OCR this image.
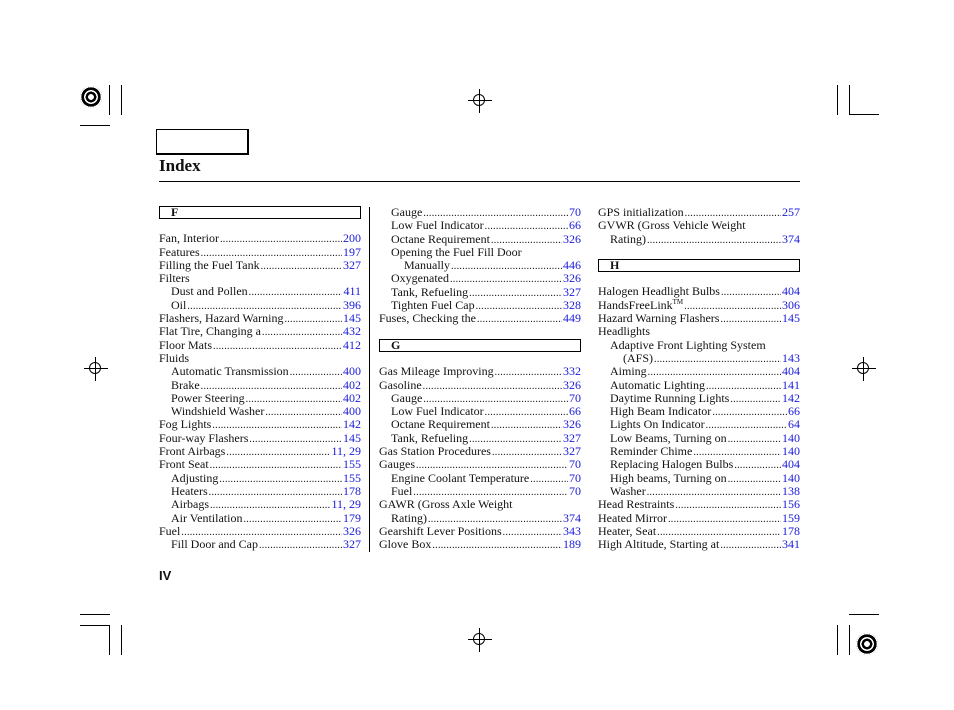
Index
F
Fan, Interior .....	200
Features .....	197
Filling the Fuel Tank .....	327
Filters
Dust and Pollen .....	411
Oil .....	396
Flashers, Hazard Warning .....	145
Flat Tire, Changing a .....	432
Floor Mats .....	412
Fluids
Automatic Transmission .....	400
Brake .....	402
Power Steering .....	402
Windshield Washer .....	400
Fog Lights .....	142
Four-way Flashers .....	145
Front Airbags .....	11, 29
Front Seat .....	155
Adjusting .....	155
Heaters .....	178
Airbags .....	11, 29
Air Ventilation .....	179
Fuel .....	326
Fill Door and Cap .....	327
Gauge .....	70
Low Fuel Indicator .....	66
Octane Requirement .....	326
Opening the Fuel Fill Door
Manually .....	446
Oxygenated .....	326
Tank, Refueling .....	327
Tighten Fuel Cap .....	328
Fuses, Checking the .....	449
G
Gas Mileage Improving .....	332
Gasoline .....	326
Gauge .....	70
Low Fuel Indicator .....	66
Octane Requirement .....	326
Tank, Refueling .....	327
Gas Station Procedures .....	327
Gauges .....	70
Engine Coolant Temperature .....	70
Fuel .....	70
GAWR (Gross Axle Weight
Rating) .....	374
Gearshift Lever Positions .....	343
Glove Box .....	189
GPS initialization .....	257
GVWR (Gross Vehicle Weight
Rating) .....	374
H
Halogen Headlight Bulbs .....	404
HandsFreeLink™ .....	306
Hazard Warning Flashers .....	145
Headlights
Adaptive Front Lighting System
(AFS) .....	143
Aiming .....	404
Automatic Lighting .....	141
Daytime Running Lights .....	142
High Beam Indicator .....	66
Lights On Indicator .....	64
Low Beams, Turning on .....	140
Reminder Chime .....	140
Replacing Halogen Bulbs .....	404
High beams, Turning on .....	140
Washer .....	138
Head Restraints .....	156
Heated Mirror .....	159
Heater, Seat .....	178
High Altitude, Starting at .....	341
IV
